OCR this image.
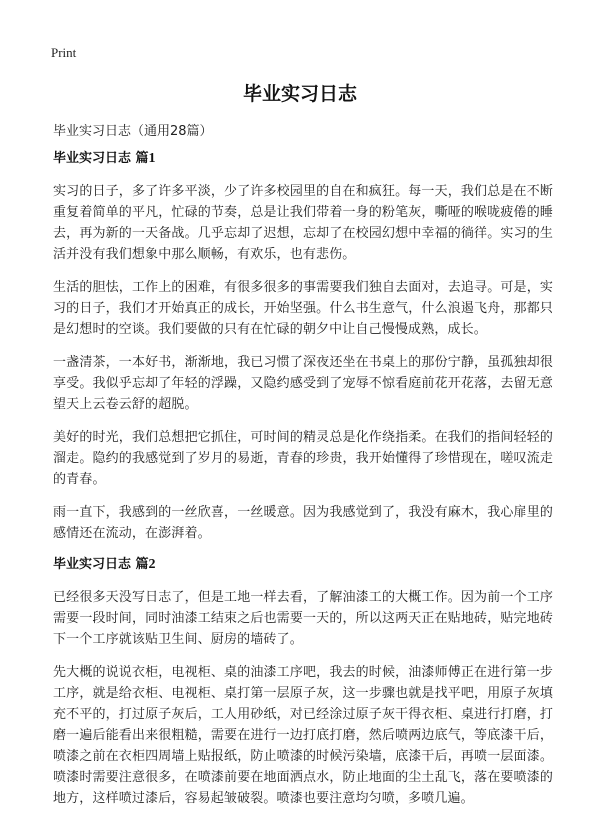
Print
毕业实习日志

毕业实习日志（通用28篇）

毕业实习日志 篇1

实习的日子，多了许多平淡，少了许多校园里的自在和疯狂。每一天，我们总是在不断重复着简单的平凡，忙碌的节奏，总是让我们带着一身的粉笔灰，嘶哑的喉咙疲倦的睡去，再为新的一天备战。几乎忘却了迟想，忘却了在校园幻想中幸福的徜徉。实习的生活并没有我们想象中那么顺畅，有欢乐，也有悲伤。

生活的胆怯，工作上的困难，有很多很多的事需要我们独自去面对，去追寻。可是，实习的日子，我们才开始真正的成长，开始坚强。什么书生意气，什么浪遏飞舟，那都只是幻想时的空谈。我们要做的只有在忙碌的朝夕中让自己慢慢成熟，成长。

一盏清茶，一本好书，渐渐地，我已习惯了深夜还坐在书桌上的那份宁静，虽孤独却很享受。我似乎忘却了年轻的浮躁，又隐约感受到了宠辱不惊看庭前花开花落，去留无意望天上云卷云舒的超脱。

美好的时光，我们总想把它抓住，可时间的精灵总是化作绕指柔。在我们的指间轻轻的溜走。隐约的我感觉到了岁月的易逝，青春的珍贵，我开始懂得了珍惜现在，嗟叹流走的青春。

雨一直下，我感到的一丝欣喜，一丝暖意。因为我感觉到了，我没有麻木，我心扉里的感情还在流动，在澎湃着。

毕业实习日志 篇2

已经很多天没写日志了，但是工地一样去看，了解油漆工的大概工作。因为前一个工序需要一段时间，同时油漆工结束之后也需要一天的，所以这两天正在贴地砖，贴完地砖下一个工序就该贴卫生间、厨房的墙砖了。

先大概的说说衣柜，电视柜、桌的油漆工序吧，我去的时候，油漆师傅正在进行第一步工序，就是给衣柜、电视柜、桌打第一层原子灰，这一步骤也就是找平吧，用原子灰填充不平的，打过原子灰后，工人用砂纸，对已经涂过原子灰干得衣柜、桌进行打磨，打磨一遍后能看出来很粗糙，需要在进行一边打底打磨，然后喷两边底气，等底漆干后，喷漆之前在衣柜四周墙上贴报纸，防止喷漆的时候污染墙，底漆干后，再喷一层面漆。喷漆时需要注意很多，在喷漆前要在地面洒点水，防止地面的尘土乱飞，落在要喷漆的地方，这样喷过漆后，容易起皱破裂。喷漆也要注意均匀喷，多喷几遍。
